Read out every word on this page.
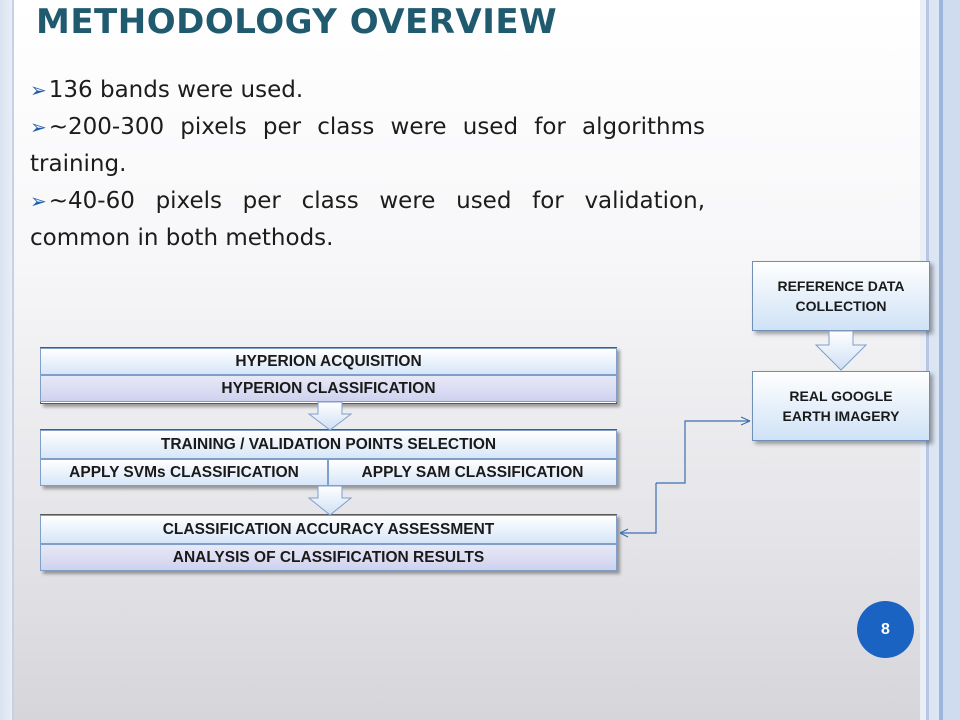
METHODOLOGY OVERVIEW

➢136 bands were used.

➢~200-300 pixels per class were used for algorithms training.

➢~40-60 pixels per class were used for validation, common in both methods.

HYPERION ACQUISITION
HYPERION CLASSIFICATION
TRAINING / VALIDATION POINTS SELECTION
APPLY SVMs CLASSIFICATION	APPLY SAM CLASSIFICATION
CLASSIFICATION ACCURACY ASSESSMENT
ANALYSIS OF CLASSIFICATION RESULTS
REFERENCE DATA COLLECTION
REAL GOOGLE EARTH IMAGERY
8
